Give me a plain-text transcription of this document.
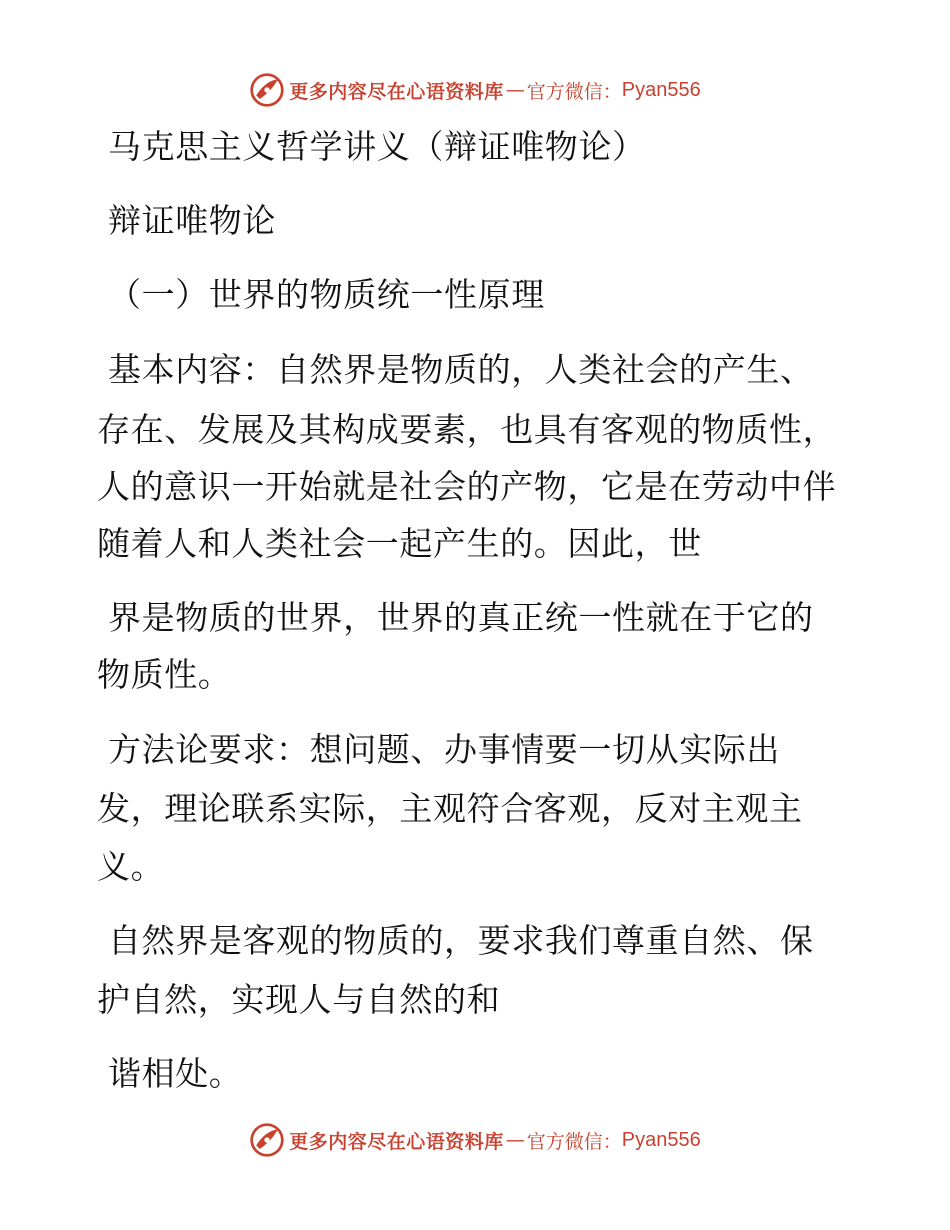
更多内容尽在心语资料库 — 官方微信： Pyan556
马克思主义哲学讲义（辩证唯物论）
辩证唯物论
（一）世界的物质统一性原理
基本内容：自然界是物质的，人类社会的产生、
存在、发展及其构成要素，也具有客观的物质性，
人的意识一开始就是社会的产物，它是在劳动中伴
随着人和人类社会一起产生的。因此，世
界是物质的世界，世界的真正统一性就在于它的
物质性。
方法论要求：想问题、办事情要一切从实际出
发，理论联系实际，主观符合客观，反对主观主
义。
自然界是客观的物质的，要求我们尊重自然、保
护自然，实现人与自然的和
谐相处。
更多内容尽在心语资料库 — 官方微信： Pyan556
